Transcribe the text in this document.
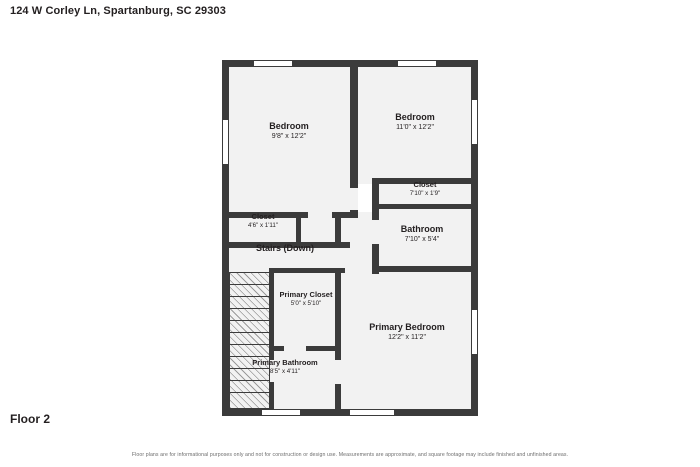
124 W Corley Ln, Spartanburg, SC 29303
Bedroom
9'8" x 12'2"
Bedroom
11'0" x 12'2"
Closet
7'10" x 1'9"
Bathroom
7'10" x 5'4"
Closet
4'6" x 1'11"
Stairs (Down)
Primary Closet
5'0" x 5'10"
Primary Bedroom
12'2" x 11'2"
Primary Bathroom
8'5" x 4'11"
Floor 2
Floor plans are for informational purposes only and not for construction or design use. Measurements are approximate, and square footage may include finished and unfinished areas.
